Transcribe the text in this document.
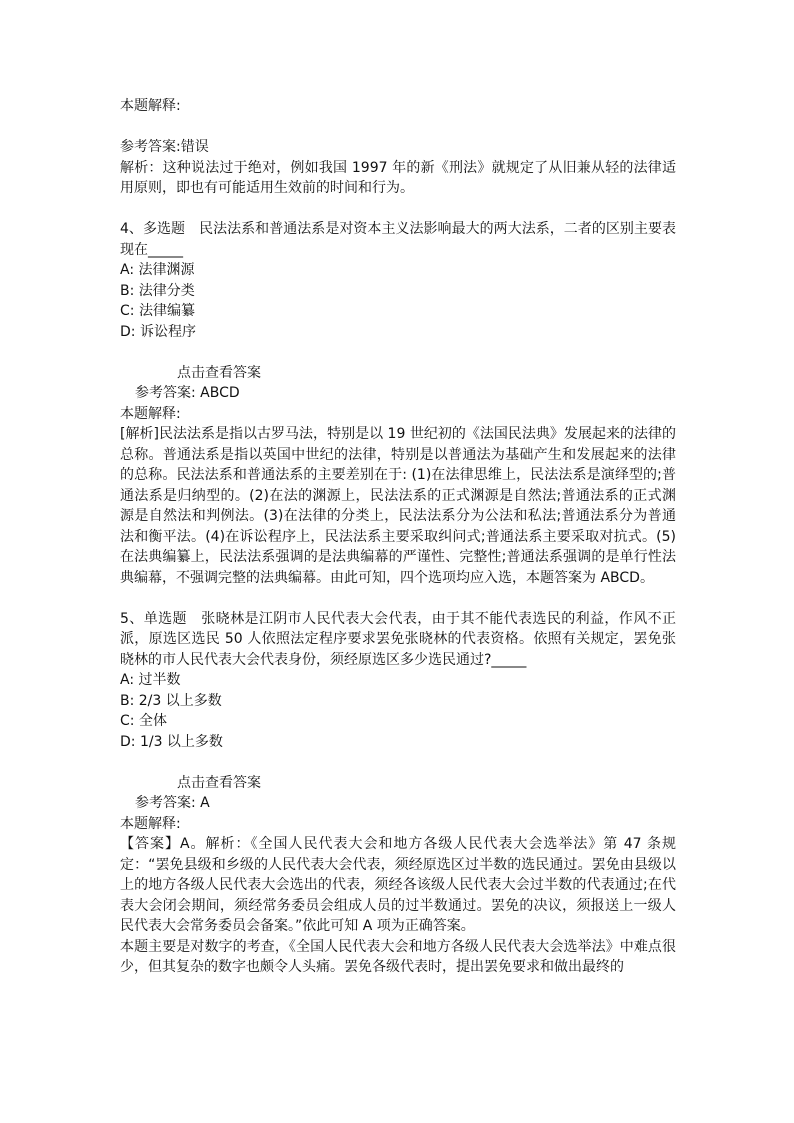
本题解释:
参考答案:错误
解析：这种说法过于绝对，例如我国 1997 年的新《刑法》就规定了从旧兼从轻的法律适用原则，即也有可能适用生效前的时间和行为。
4、多选题　民法法系和普通法系是对资本主义法影响最大的两大法系，二者的区别主要表现在_____
A: 法律渊源
B: 法律分类
C: 法律编纂
D: 诉讼程序
点击查看答案
参考答案: ABCD
本题解释:
[解析]民法法系是指以古罗马法，特别是以 19 世纪初的《法国民法典》发展起来的法律的总称。普通法系是指以英国中世纪的法律，特别是以普通法为基础产生和发展起来的法律的总称。民法法系和普通法系的主要差别在于: (1)在法律思维上，民法法系是演绎型的;普通法系是归纳型的。(2)在法的渊源上，民法法系的正式渊源是自然法;普通法系的正式渊源是自然法和判例法。(3)在法律的分类上，民法法系分为公法和私法;普通法系分为普通法和衡平法。(4)在诉讼程序上，民法法系主要采取纠问式;普通法系主要采取对抗式。(5)在法典编纂上，民法法系强调的是法典编幕的严谨性、完整性;普通法系强调的是单行性法典编幕，不强调完整的法典编幕。由此可知，四个选项均应入选，本题答案为 ABCD。
5、单选题　张晓林是江阴市人民代表大会代表，由于其不能代表选民的利益，作风不正派，原选区选民 50 人依照法定程序要求罢免张晓林的代表资格。依照有关规定，罢免张晓林的市人民代表大会代表身份，须经原选区多少选民通过?_____
A: 过半数
B: 2/3 以上多数
C: 全体
D: 1/3 以上多数
点击查看答案
参考答案: A
本题解释:
【答案】A。解析：《全国人民代表大会和地方各级人民代表大会选举法》第 47 条规定：“罢免县级和乡级的人民代表大会代表，须经原选区过半数的选民通过。罢免由县级以上的地方各级人民代表大会选出的代表，须经各该级人民代表大会过半数的代表通过;在代表大会闭会期间，须经常务委员会组成人员的过半数通过。罢免的决议，须报送上一级人民代表大会常务委员会备案。”依此可知 A 项为正确答案。
本题主要是对数字的考查，《全国人民代表大会和地方各级人民代表大会选举法》中难点很少，但其复杂的数字也颇令人头痛。罢免各级代表时，提出罢免要求和做出最终的
